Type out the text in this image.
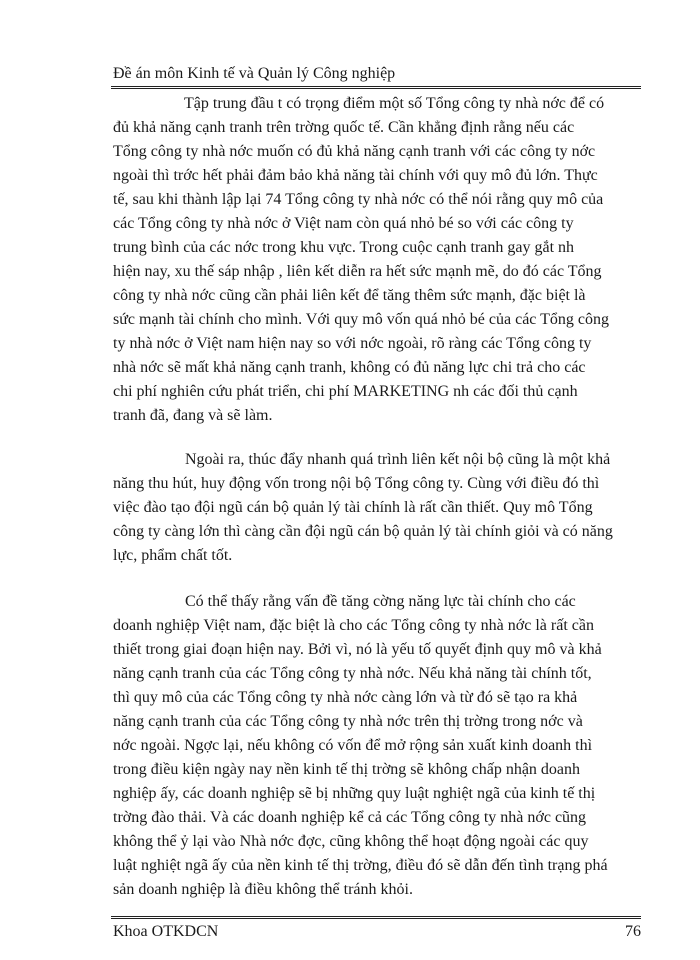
Đề án môn Kinh tế và Quản lý Công nghiệp

Tập trung đầu t có trọng điểm một số Tổng công ty nhà nớc để có
đủ khả năng cạnh tranh trên trờng quốc tế. Cần khẳng định rằng nếu các
Tổng công ty nhà nớc muốn có đủ khả năng cạnh tranh với các công ty nớc
ngoài thì trớc hết phải đảm bảo khả năng tài chính với quy mô đủ lớn. Thực
tế, sau khi thành lập lại 74 Tổng công ty nhà nớc có thể nói rằng quy mô của
các Tổng công ty nhà nớc ở Việt nam còn quá nhỏ bé so với các công ty
trung bình của các nớc trong khu vực. Trong cuộc cạnh tranh gay gắt nh
hiện nay, xu thế sáp nhập , liên kết diễn ra hết sức mạnh mẽ, do đó các Tổng
công ty nhà nớc cũng cần phải liên kết để tăng thêm sức mạnh, đặc biệt là
sức mạnh tài chính cho mình. Với quy mô vốn quá nhỏ bé của các Tổng công
ty nhà nớc ở Việt nam hiện nay so với nớc ngoài, rõ ràng các Tổng công ty
nhà nớc sẽ mất khả năng cạnh tranh, không có đủ năng lực chi trả cho các
chi phí nghiên cứu phát triển, chi phí MARKETING nh các đối thủ cạnh
tranh đã, đang và sẽ làm.

Ngoài ra, thúc đẩy nhanh quá trình liên kết nội bộ cũng là một khả
năng thu hút, huy động vốn trong nội bộ Tổng công ty. Cùng với điều đó thì
việc đào tạo đội ngũ cán bộ quản lý tài chính là rất cần thiết. Quy mô Tổng
công ty càng lớn thì càng cần đội ngũ cán bộ quản lý tài chính giỏi và có năng
lực, phẩm chất tốt.

Có thể thấy rằng vấn đề tăng cờng năng lực tài chính cho các
doanh nghiệp Việt nam, đặc biệt là cho các Tổng công ty nhà nớc là rất cần
thiết trong giai đoạn hiện nay. Bởi vì, nó là yếu tố quyết định quy mô và khả
năng cạnh tranh của các Tổng công ty nhà nớc. Nếu khả năng tài chính tốt,
thì quy mô của các Tổng công ty nhà nớc càng lớn và từ đó sẽ tạo ra khả
năng cạnh tranh của các Tổng công ty nhà nớc trên thị trờng trong nớc và
nớc ngoài. Ngợc lại, nếu không có vốn để mở rộng sản xuất kinh doanh thì
trong điều kiện ngày nay nền kinh tế thị trờng sẽ không chấp nhận doanh
nghiệp ấy, các doanh nghiệp sẽ bị những quy luật nghiệt ngã của kinh tế thị
trờng đào thải. Và các doanh nghiệp kể cả các Tổng công ty nhà nớc cũng
không thể ỷ lại vào Nhà nớc đợc, cũng không thể hoạt động ngoài các quy
luật nghiệt ngã ấy của nền kinh tế thị trờng, điều đó sẽ dẫn đến tình trạng phá
sản doanh nghiệp là điều không thể tránh khỏi.

Khoa OTKDCN	76
